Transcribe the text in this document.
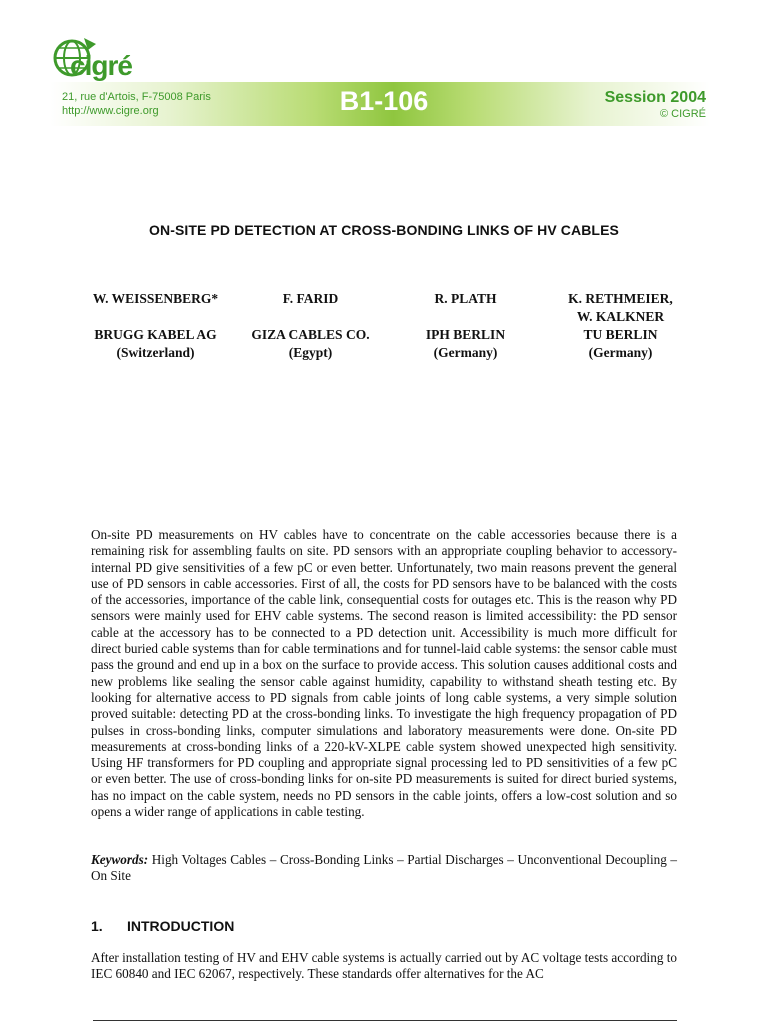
cigré
21, rue d'Artois, F-75008 Paris
http://www.cigre.org	B1-106	Session 2004
© CIGRÉ
ON-SITE PD DETECTION AT CROSS-BONDING LINKS OF HV CABLES
W. WEISSENBERG*
BRUGG KABEL AG
(Switzerland)
F. FARID
GIZA CABLES CO.
(Egypt)
R. PLATH
IPH BERLIN
(Germany)
K. RETHMEIER,
W. KALKNER
TU BERLIN
(Germany)
On-site PD measurements on HV cables have to concentrate on the cable accessories because there is a remaining risk for assembling faults on site. PD sensors with an appropriate coupling behavior to accessory-internal PD give sensitivities of a few pC or even better. Unfortunately, two main reasons prevent the general use of PD sensors in cable accessories. First of all, the costs for PD sensors have to be balanced with the costs of the accessories, importance of the cable link, consequential costs for outages etc. This is the reason why PD sensors were mainly used for EHV cable systems. The second reason is limited accessibility: the PD sensor cable at the accessory has to be connected to a PD detection unit. Accessibility is much more difficult for direct buried cable systems than for cable terminations and for tunnel-laid cable systems: the sensor cable must pass the ground and end up in a box on the surface to provide access. This solution causes additional costs and new problems like sealing the sensor cable against humidity, capability to withstand sheath testing etc. By looking for alternative access to PD signals from cable joints of long cable systems, a very simple solution proved suitable: detecting PD at the cross-bonding links. To investigate the high frequency propagation of PD pulses in cross-bonding links, computer simulations and laboratory measurements were done. On-site PD measurements at cross-bonding links of a 220-kV-XLPE cable system showed unexpected high sensitivity. Using HF transformers for PD coupling and appropriate signal processing led to PD sensitivities of a few pC or even better. The use of cross-bonding links for on-site PD measurements is suited for direct buried systems, has no impact on the cable system, needs no PD sensors in the cable joints, offers a low-cost solution and so opens a wider range of applications in cable testing.
Keywords: High Voltages Cables – Cross-Bonding Links – Partial Discharges – Unconventional Decoupling – On Site
1. INTRODUCTION
After installation testing of HV and EHV cable systems is actually carried out by AC voltage tests according to IEC 60840 and IEC 62067, respectively. These standards offer alternatives for the AC
